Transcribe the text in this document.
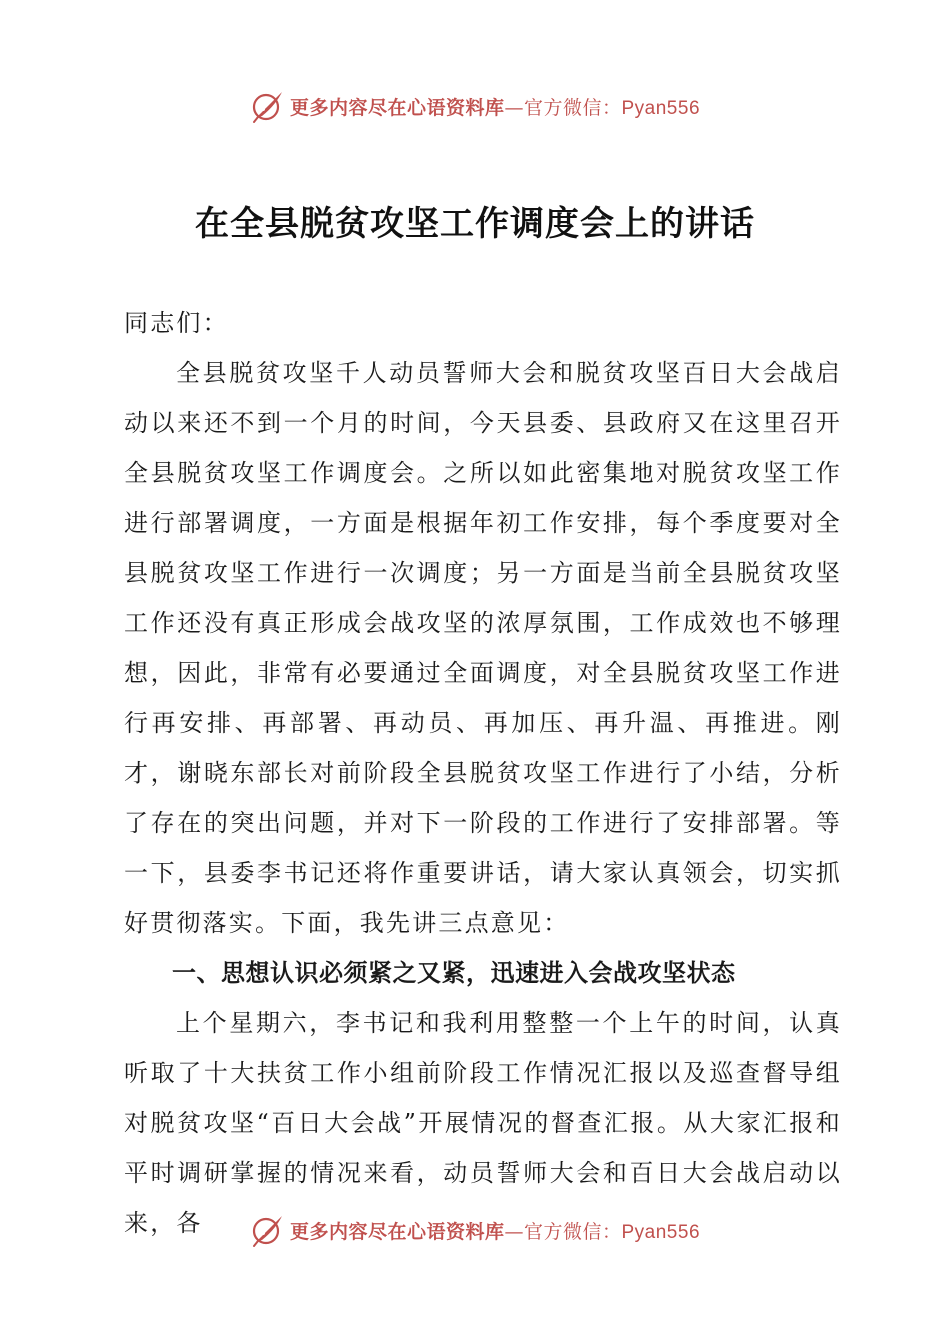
更多内容尽在心语资料库—官方微信：Pyan556
在全县脱贫攻坚工作调度会上的讲话

同志们：

全县脱贫攻坚千人动员誓师大会和脱贫攻坚百日大会战启动以来还不到一个月的时间，今天县委、县政府又在这里召开全县脱贫攻坚工作调度会。之所以如此密集地对脱贫攻坚工作进行部署调度，一方面是根据年初工作安排，每个季度要对全县脱贫攻坚工作进行一次调度；另一方面是当前全县脱贫攻坚工作还没有真正形成会战攻坚的浓厚氛围，工作成效也不够理想，因此，非常有必要通过全面调度，对全县脱贫攻坚工作进行再安排、再部署、再动员、再加压、再升温、再推进。刚才，谢晓东部长对前阶段全县脱贫攻坚工作进行了小结，分析了存在的突出问题，并对下一阶段的工作进行了安排部署。等一下，县委李书记还将作重要讲话，请大家认真领会，切实抓好贯彻落实。下面，我先讲三点意见：

一、思想认识必须紧之又紧，迅速进入会战攻坚状态

上个星期六，李书记和我利用整整一个上午的时间，认真听取了十大扶贫工作小组前阶段工作情况汇报以及巡查督导组对脱贫攻坚“百日大会战”开展情况的督查汇报。从大家汇报和平时调研掌握的情况来看，动员誓师大会和百日大会战启动以来，各	更多内容尽在心语资料库—官方微信：Pyan556
